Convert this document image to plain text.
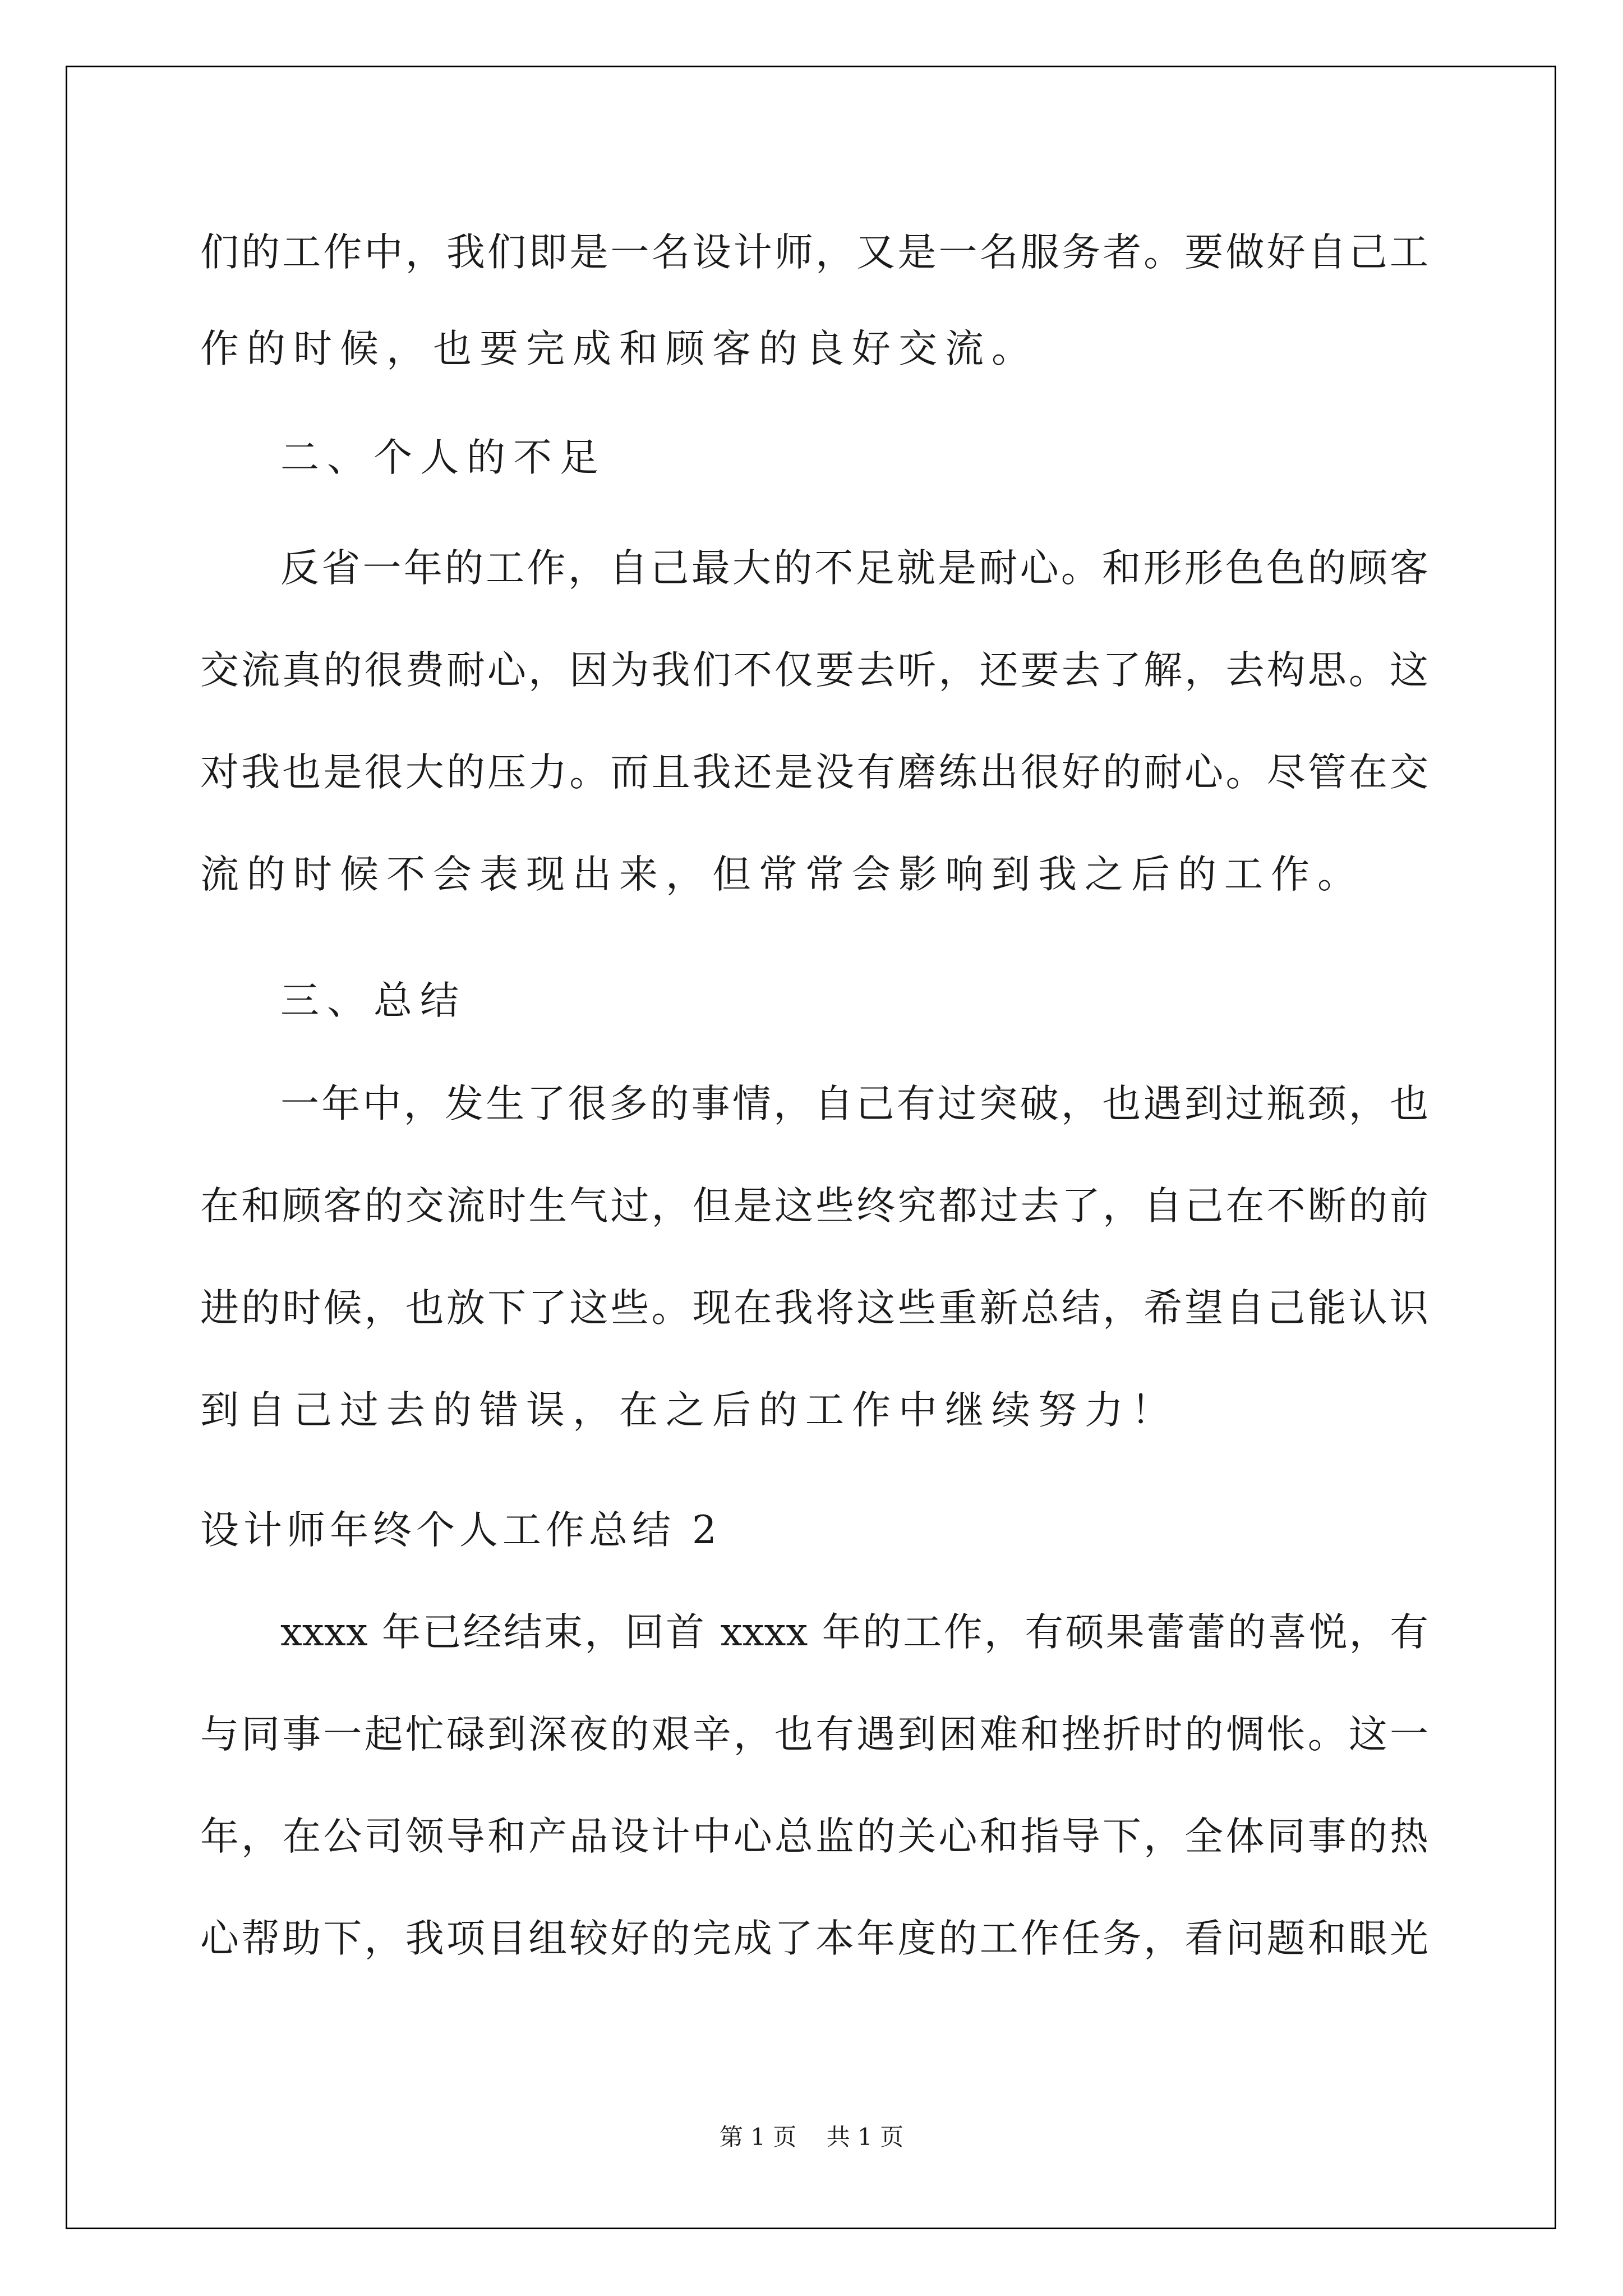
们的工作中，我们即是一名设计师，又是一名服务者。要做好自己工

作的时候，也要完成和顾客的良好交流。

二、个人的不足

反省一年的工作，自己最大的不足就是耐心。和形形色色的顾客

交流真的很费耐心，因为我们不仅要去听，还要去了解，去构思。这

对我也是很大的压力。而且我还是没有磨练出很好的耐心。尽管在交

流的时候不会表现出来，但常常会影响到我之后的工作。

三、总结

一年中，发生了很多的事情，自己有过突破，也遇到过瓶颈，也

在和顾客的交流时生气过，但是这些终究都过去了，自己在不断的前

进的时候，也放下了这些。现在我将这些重新总结，希望自己能认识

到自己过去的错误，在之后的工作中继续努力！

设计师年终个人工作总结 2

xxxx 年已经结束，回首 xxxx 年的工作，有硕果蕾蕾的喜悦，有

与同事一起忙碌到深夜的艰辛，也有遇到困难和挫折时的惆怅。这一

年，在公司领导和产品设计中心总监的关心和指导下，全体同事的热

心帮助下，我项目组较好的完成了本年度的工作任务，看问题和眼光

第 1 页    共 1 页
